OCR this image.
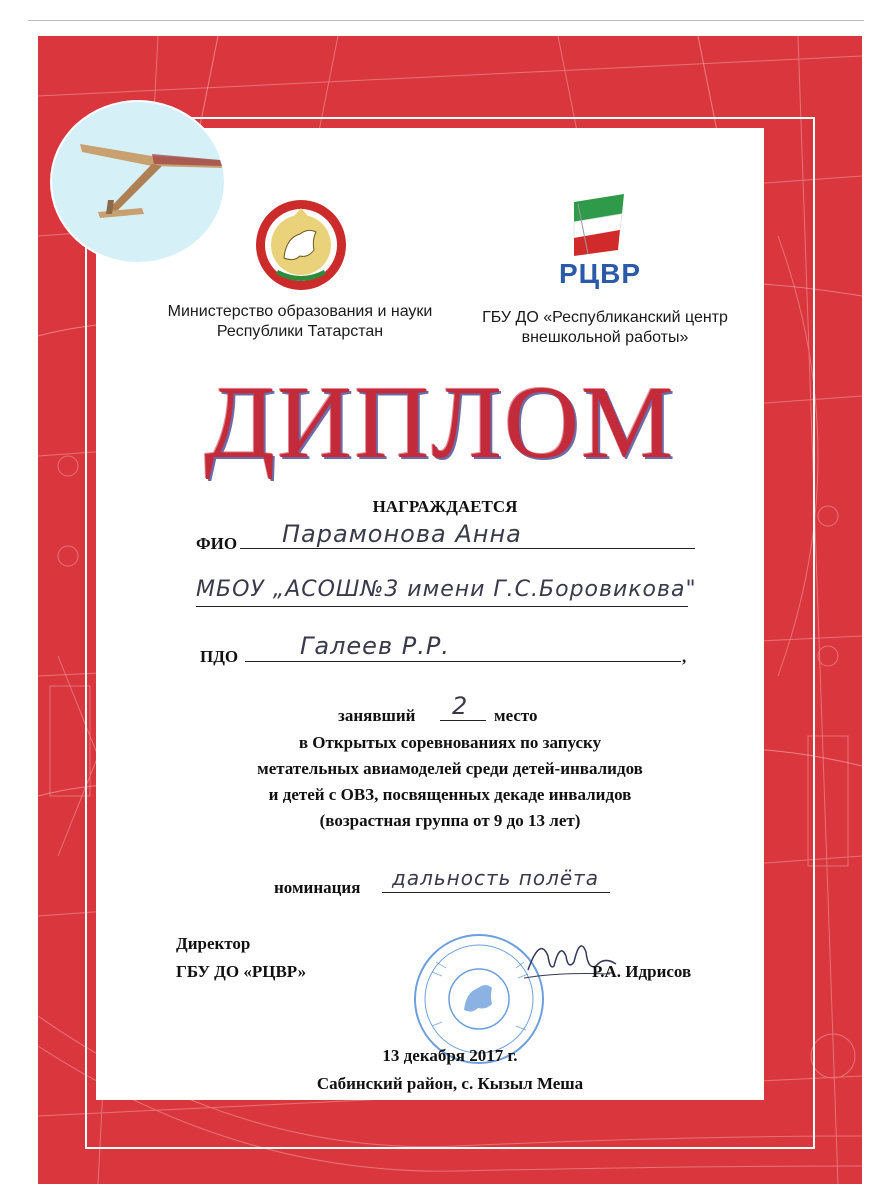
РЦВР
Министерство образования и науки
Республики Татарстан
ГБУ ДО «Республиканский центр
внешкольной работы»
ДИПЛОМ
НАГРАЖДАЕТСЯ
ФИО Парамонова Анна
МБОУ „АСОШ№3 имени Г.С.Боровикова"
ПДО	Галеев Р.Р.	,
занявший 2 место
в Открытых соревнованиях по запуску
метательных авиамоделей среди детей-инвалидов
и детей с ОВЗ, посвященных декаде инвалидов
(возрастная группа от 9 до 13 лет)
номинация дальность полёта
Директор
ГБУ ДО «РЦВР»	Р.А. Идрисов
13 декабря 2017 г.
Сабинский район, с. Кызыл Меша
